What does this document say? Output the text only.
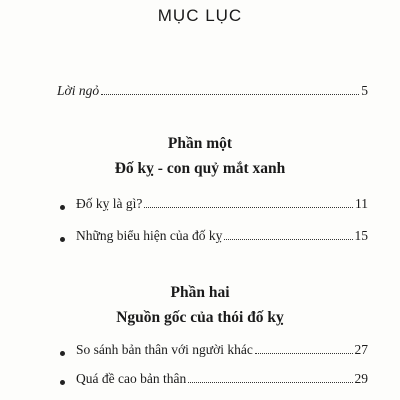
MỤC LỤC
Lời ngỏ	5
Phần một
Đố kỵ - con quỷ mắt xanh
Đố kỵ là gì?	11
Những biểu hiện của đố kỵ	15
Phần hai
Nguồn gốc của thói đố kỵ
So sánh bản thân với người khác	27
Quá đề cao bản thân	29
